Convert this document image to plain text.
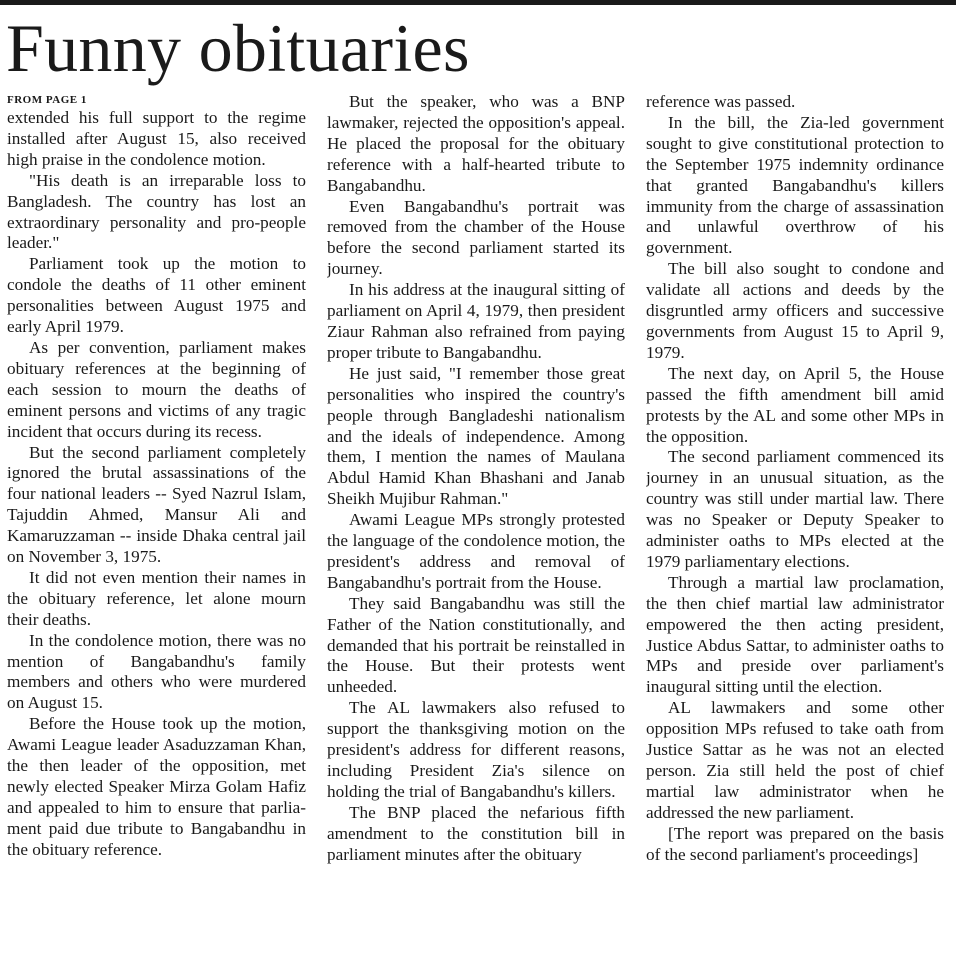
Funny obituaries
FROM PAGE 1

extended his full support to the regime installed after August 15, also received high praise in the condolence motion.

"His death is an irreparable loss to Bangladesh. The country has lost an extraordinary personality and pro-people leader."

Parliament took up the motion to condole the deaths of 11 other eminent personalities between August 1975 and early April 1979.

As per convention, parliament makes obituary references at the beginning of each session to mourn the deaths of eminent persons and victims of any tragic incident that occurs during its recess.

But the second parliament completely ignored the brutal assassinations of the four national leaders -- Syed Nazrul Islam, Tajuddin Ahmed, Mansur Ali and Kamaruzzaman -- inside Dhaka central jail on November 3, 1975.

It did not even mention their names in the obituary reference, let alone mourn their deaths.

In the condolence motion, there was no mention of Bangabandhu's family members and others who were murdered on August 15.

Before the House took up the motion, Awami League leader Asaduzzaman Khan, the then leader of the opposition, met newly elected Speaker Mirza Golam Hafiz and appealed to him to ensure that parliament paid due tribute to Bangabandhu in the obituary reference.

But the speaker, who was a BNP lawmaker, rejected the opposition's appeal. He placed the proposal for the obituary reference with a half-hearted tribute to Bangabandhu.

Even Bangabandhu's portrait was removed from the chamber of the House before the second parliament started its journey.

In his address at the inaugural sitting of parliament on April 4, 1979, then president Ziaur Rahman also refrained from paying proper tribute to Bangabandhu.

He just said, "I remember those great personalities who inspired the country's people through Bangladeshi nationalism and the ideals of independence. Among them, I mention the names of Maulana Abdul Hamid Khan Bhashani and Janab Sheikh Mujibur Rahman."

Awami League MPs strongly protested the language of the condolence motion, the president's address and removal of Bangabandhu's portrait from the House.

They said Bangabandhu was still the Father of the Nation constitutionally, and demanded that his portrait be reinstalled in the House. But their protests went unheeded.

The AL lawmakers also refused to support the thanksgiving motion on the president's address for different reasons, including President Zia's silence on holding the trial of Bangabandhu's killers.

The BNP placed the nefarious fifth amendment to the constitution bill in parliament minutes after the obituary

reference was passed.

In the bill, the Zia-led government sought to give constitutional protection to the September 1975 indemnity ordinance that granted Bangabandhu's killers immunity from the charge of assassination and unlawful overthrow of his government.

The bill also sought to condone and validate all actions and deeds by the disgruntled army officers and successive governments from August 15 to April 9, 1979.

The next day, on April 5, the House passed the fifth amendment bill amid protests by the AL and some other MPs in the opposition.

The second parliament commenced its journey in an unusual situation, as the country was still under martial law. There was no Speaker or Deputy Speaker to administer oaths to MPs elected at the 1979 parliamentary elections.

Through a martial law proclamation, the then chief martial law administrator empowered the then acting president, Justice Abdus Sattar, to administer oaths to MPs and preside over parliament's inaugural sitting until the election.

AL lawmakers and some other opposition MPs refused to take oath from Justice Sattar as he was not an elected person. Zia still held the post of chief martial law administrator when he addressed the new parliament.

[The report was prepared on the basis of the second parliament's proceedings]
